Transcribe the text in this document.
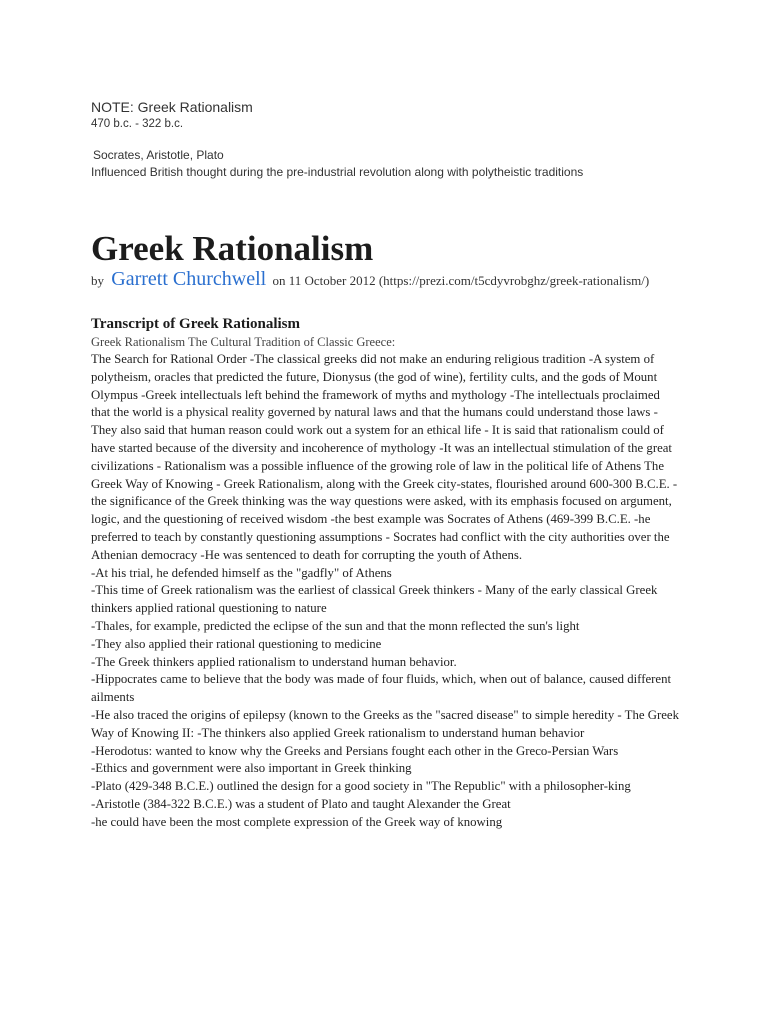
NOTE: Greek Rationalism

470 b.c. - 322 b.c.

Socrates, Aristotle, Plato

Influenced British thought during the pre-industrial revolution along with polytheistic traditions

Greek Rationalism
by Garrett Churchwell on 11 October 2012 (https://prezi.com/t5cdyvrobghz/greek-rationalism/)
Transcript of Greek Rationalism

Greek Rationalism The Cultural Tradition of Classic Greece:

The Search for Rational Order -The classical greeks did not make an enduring religious tradition -A system of polytheism, oracles that predicted the future, Dionysus (the god of wine), fertility cults, and the gods of Mount Olympus -Greek intellectuals left behind the framework of myths and mythology -The intellectuals proclaimed that the world is a physical reality governed by natural laws and that the humans could understand those laws -They also said that human reason could work out a system for an ethical life - It is said that rationalism could of have started because of the diversity and incoherence of mythology -It was an intellectual stimulation of the great civilizations - Rationalism was a possible influence of the growing role of law in the political life of Athens The Greek Way of Knowing - Greek Rationalism, along with the Greek city-states, flourished around 600-300 B.C.E. -the significance of the Greek thinking was the way questions were asked, with its emphasis focused on argument, logic, and the questioning of received wisdom -the best example was Socrates of Athens (469-399 B.C.E. -he preferred to teach by constantly questioning assumptions - Socrates had conflict with the city authorities over the Athenian democracy -He was sentenced to death for corrupting the youth of Athens.

-At his trial, he defended himself as the "gadfly" of Athens

-This time of Greek rationalism was the earliest of classical Greek thinkers - Many of the early classical Greek thinkers applied rational questioning to nature

-Thales, for example, predicted the eclipse of the sun and that the monn reflected the sun's light

-They also applied their rational questioning to medicine

-The Greek thinkers applied rationalism to understand human behavior.

-Hippocrates came to believe that the body was made of four fluids, which, when out of balance, caused different ailments

-He also traced the origins of epilepsy (known to the Greeks as the "sacred disease" to simple heredity - The Greek Way of Knowing II: -The thinkers also applied Greek rationalism to understand human behavior

-Herodotus: wanted to know why the Greeks and Persians fought each other in the Greco-Persian Wars

-Ethics and government were also important in Greek thinking

-Plato (429-348 B.C.E.) outlined the design for a good society in "The Republic" with a philosopher-king

-Aristotle (384-322 B.C.E.) was a student of Plato and taught Alexander the Great

-he could have been the most complete expression of the Greek way of knowing
